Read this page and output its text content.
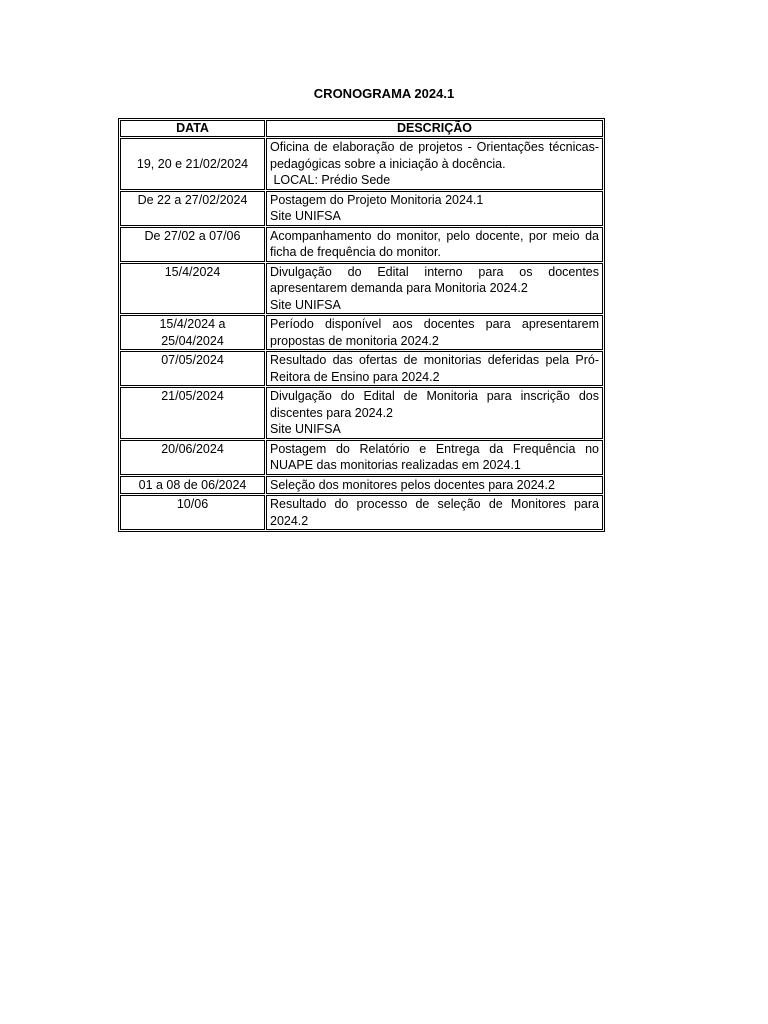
CRONOGRAMA 2024.1
DATA	DESCRIÇÃO
19, 20 e 21/02/2024	Oficina de elaboração de projetos - Orientações técnicas-
pedagógicas sobre a iniciação à docência.
LOCAL: Prédio Sede

De 22 a 27/02/2024	Postagem do Projeto Monitoria 2024.1
Site UNIFSA

De 27/02 a 07/06	Acompanhamento do monitor, pelo docente, por meio da
ficha de frequência do monitor.

15/4/2024	Divulgação do Edital interno para os docentes
apresentarem demanda para Monitoria 2024.2
Site UNIFSA

15/4/2024 a
25/04/2024	Período disponível aos docentes para apresentarem
propostas de monitoria 2024.2

07/05/2024	Resultado das ofertas de monitorias deferidas pela Pró-
Reitora de Ensino para 2024.2

21/05/2024	Divulgação do Edital de Monitoria para inscrição dos
discentes para 2024.2
Site UNIFSA

20/06/2024	Postagem do Relatório e Entrega da Frequência no
NUAPE das monitorias realizadas em 2024.1

01 a 08 de 06/2024	Seleção dos monitores pelos docentes para 2024.2

10/06	Resultado do processo de seleção de Monitores para
2024.2
